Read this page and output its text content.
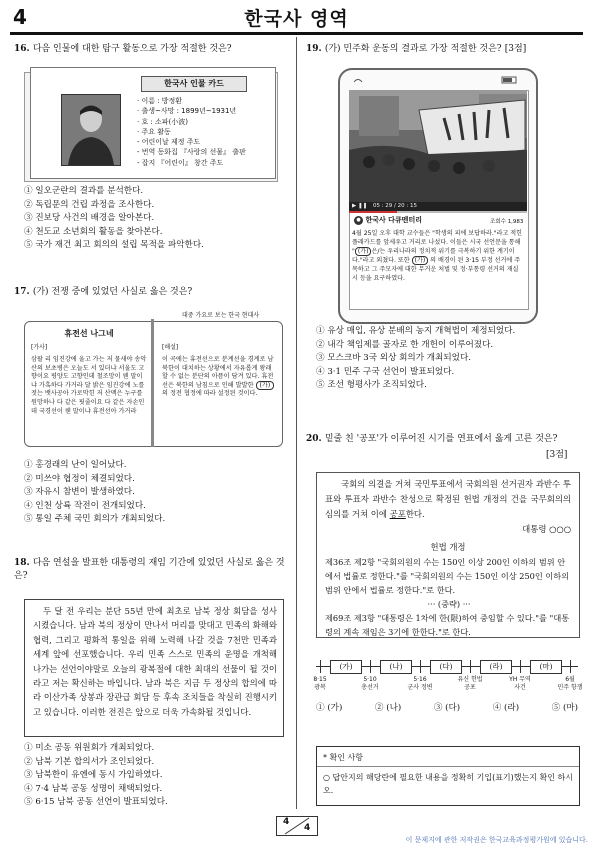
4	한국사 영역
16. 다음 인물에 대한 탐구 활동으로 가장 적절한 것은?
한국사 인물 카드
· 이름 : 방정환
· 출생~사망 : 1899년~1931년
· 호 : 소파(小波)
· 주요 활동
- 어린이날 제정 주도
- 번역 동화집 『사랑의 선물』 출판
- 잡지 『어린이』 창간 주도
① 일오군란의 결과를 분석한다.
② 독립문의 건립 과정을 조사한다.
③ 진보당 사건의 배경을 알아본다.
④ 천도교 소년회의 활동을 찾아본다.
⑤ 국가 재건 최고 회의의 설립 목적을 파악한다.
17. (가) 전쟁 중에 있었던 사실로 옳은 것은?
대중 가요로 보는 한국 현대사
휴전선 나그네
[가사]
삼팔 리 임진강에 울고 가는 저 물새야 송악산의 보초병은 오늘도 서 있더냐 서울도 고향이요 평양도 고향인데 철조망이 웬 말이냐 가혹하다 가거라 달 밝은 임진강에 노를 젓는 뱃사공아 가로막힌 저 산맥은 누구를 원망하나 다 같은 핏줄이요 다 같은 자손인데 국경선이 웬 말이냐 휴전선아 가거라
[해설]
이 곡에는 휴전선으로 분계선을 경계로 남북한이 대치하는 상황에서 자유롭게 왕래할 수 없는 분단의 아픔이 담겨 있다. 휴전선은 북한의 남침으로 인해 발발한 (가) 의 정전 협정에 따라 설정된 것이다.
① 홍경래의 난이 일어났다.
② 미쓰야 협정이 체결되었다.
③ 자유시 참변이 발생하였다.
④ 인천 상륙 작전이 전개되었다.
⑤ 통일 주체 국민 회의가 개최되었다.
18. 다음 연설을 발표한 대통령의 재임 기간에 있었던 사실로 옳은 것은?
두 달 전 우리는 분단 55년 만에 최초로 남북 정상 회담을 성사시켰습니다. 남과 북의 정상이 만나서 머리를 맞대고 민족의 화해와 협력, 그리고 평화적 통일을 위해 노력해 나갈 것을 7천만 민족과 세계 앞에 선포했습니다. 우리 민족 스스로 민족의 운명을 개척해 나가는 선언이야말로 오늘의 광복절에 대한 최대의 선물이 될 것이라고 저는 확신하는 바입니다. 남과 북은 지금 두 정상의 합의에 따라 이산가족 상봉과 장관급 회담 등 후속 조치들을 착실히 진행시키고 있습니다. 이러한 전진은 앞으로 더욱 가속화될 것입니다.
① 미소 공동 위원회가 개최되었다.
② 남북 기본 합의서가 조인되었다.
③ 남북한이 유엔에 동시 가입하였다.
④ 7·4 남북 공동 성명이 채택되었다.
⑤ 6·15 남북 공동 선언이 발표되었다.
19. (가) 민주화 운동의 결과로 가장 적절한 것은? [3점]
▶︎ ❚❚ 05 : 29 / 20 : 15
● 한국사 다큐멘터리	조회수 1,983
4월 25일 오후 대학 교수들은 "학생의 피에 보답하라."라고 적힌 플래카드를 앞세우고 거리로 나섰다. 이들은 시국 선언문을 통해 " (가) 은/는 우리나라의 정치적 위기를 극복하기 위한 계기이다."라고 외쳤다. 또한 (가) 의 배경이 된 3·15 부정 선거에 주목하고 그 주모자에 대한 무거운 처벌 및 정·부통령 선거의 재실시 등을 요구하였다.
① 유상 매입, 유상 분배의 농지 개혁법이 제정되었다.
② 내각 책임제를 골자로 한 개헌이 이루어졌다.
③ 모스크바 3국 외상 회의가 개최되었다.
④ 3·1 민주 구국 선언이 발표되었다.
⑤ 조선 형평사가 조직되었다.
20. 밑줄 친 '공포'가 이루어진 시기를 연표에서 옳게 고른 것은?
[3점]
국회의 의결을 거쳐 국민투표에서 국회의원 선거권자 과반수 투표와 투표자 과반수 찬성으로 확정된 헌법 개정의 건을 국무회의의 심의를 거쳐 이에 공포한다.
대통령 ○○○
헌법 개정
제36조 제2항 "국회의원의 수는 150인 이상 200인 이하의 범위 안에서 법률로 정한다."를 "국회의원의 수는 150인 이상 250인 이하의 범위 안에서 법률로 정한다."로 한다.
··· (중략) ···
제69조 제3항 "대통령은 1차에 한(限)하여 중임할 수 있다."를 "대통령의 계속 재임은 3기에 한한다."로 한다.
(가)	(나)	(다)	(라)	(마)
8·15
광복
5·10
총선거
5·16
군사 정변
유신 헌법
공포
YH 무역
사건
6월
민주 항쟁
① (가)	② (나)	③ (다)	④ (라)	⑤ (마)
* 확인 사항
○ 답안지의 해당란에 필요한 내용을 정확히 기입(표기)했는지 확인 하시오.
4
4
이 문제지에 관한 저작권은 한국교육과정평가원에 있습니다.
